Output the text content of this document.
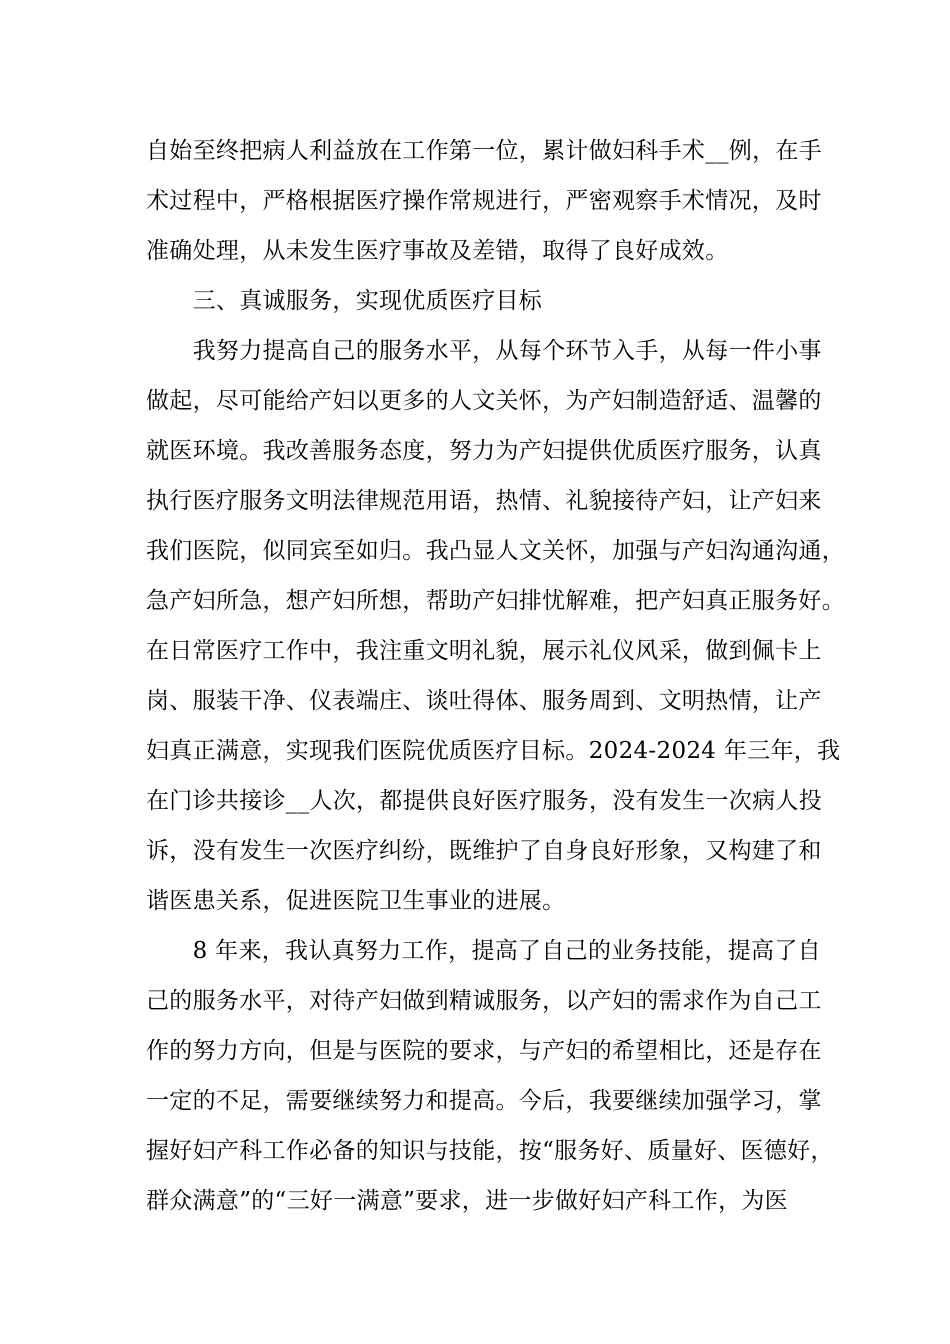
自始至终把病人利益放在工作第一位，累计做妇科手术__例，在手
术过程中，严格根据医疗操作常规进行，严密观察手术情况，及时
准确处理，从未发生医疗事故及差错，取得了良好成效。
　　三、真诚服务，实现优质医疗目标
　　我努力提高自己的服务水平，从每个环节入手，从每一件小事
做起，尽可能给产妇以更多的人文关怀，为产妇制造舒适、温馨的
就医环境。我改善服务态度，努力为产妇提供优质医疗服务，认真
执行医疗服务文明法律规范用语，热情、礼貌接待产妇，让产妇来
我们医院，似同宾至如归。我凸显人文关怀，加强与产妇沟通沟通，
急产妇所急，想产妇所想，帮助产妇排忧解难，把产妇真正服务好。
在日常医疗工作中，我注重文明礼貌，展示礼仪风采，做到佩卡上
岗、服装干净、仪表端庄、谈吐得体、服务周到、文明热情，让产
妇真正满意，实现我们医院优质医疗目标。2024-2024 年三年，我
在门诊共接诊__人次，都提供良好医疗服务，没有发生一次病人投
诉，没有发生一次医疗纠纷，既维护了自身良好形象，又构建了和
谐医患关系，促进医院卫生事业的进展。
　　8 年来，我认真努力工作，提高了自己的业务技能，提高了自
己的服务水平，对待产妇做到精诚服务，以产妇的需求作为自己工
作的努力方向，但是与医院的要求，与产妇的希望相比，还是存在
一定的不足，需要继续努力和提高。今后，我要继续加强学习，掌
握好妇产科工作必备的知识与技能，按“服务好、质量好、医德好，
群众满意”的“三好一满意”要求，进一步做好妇产科工作，为医
